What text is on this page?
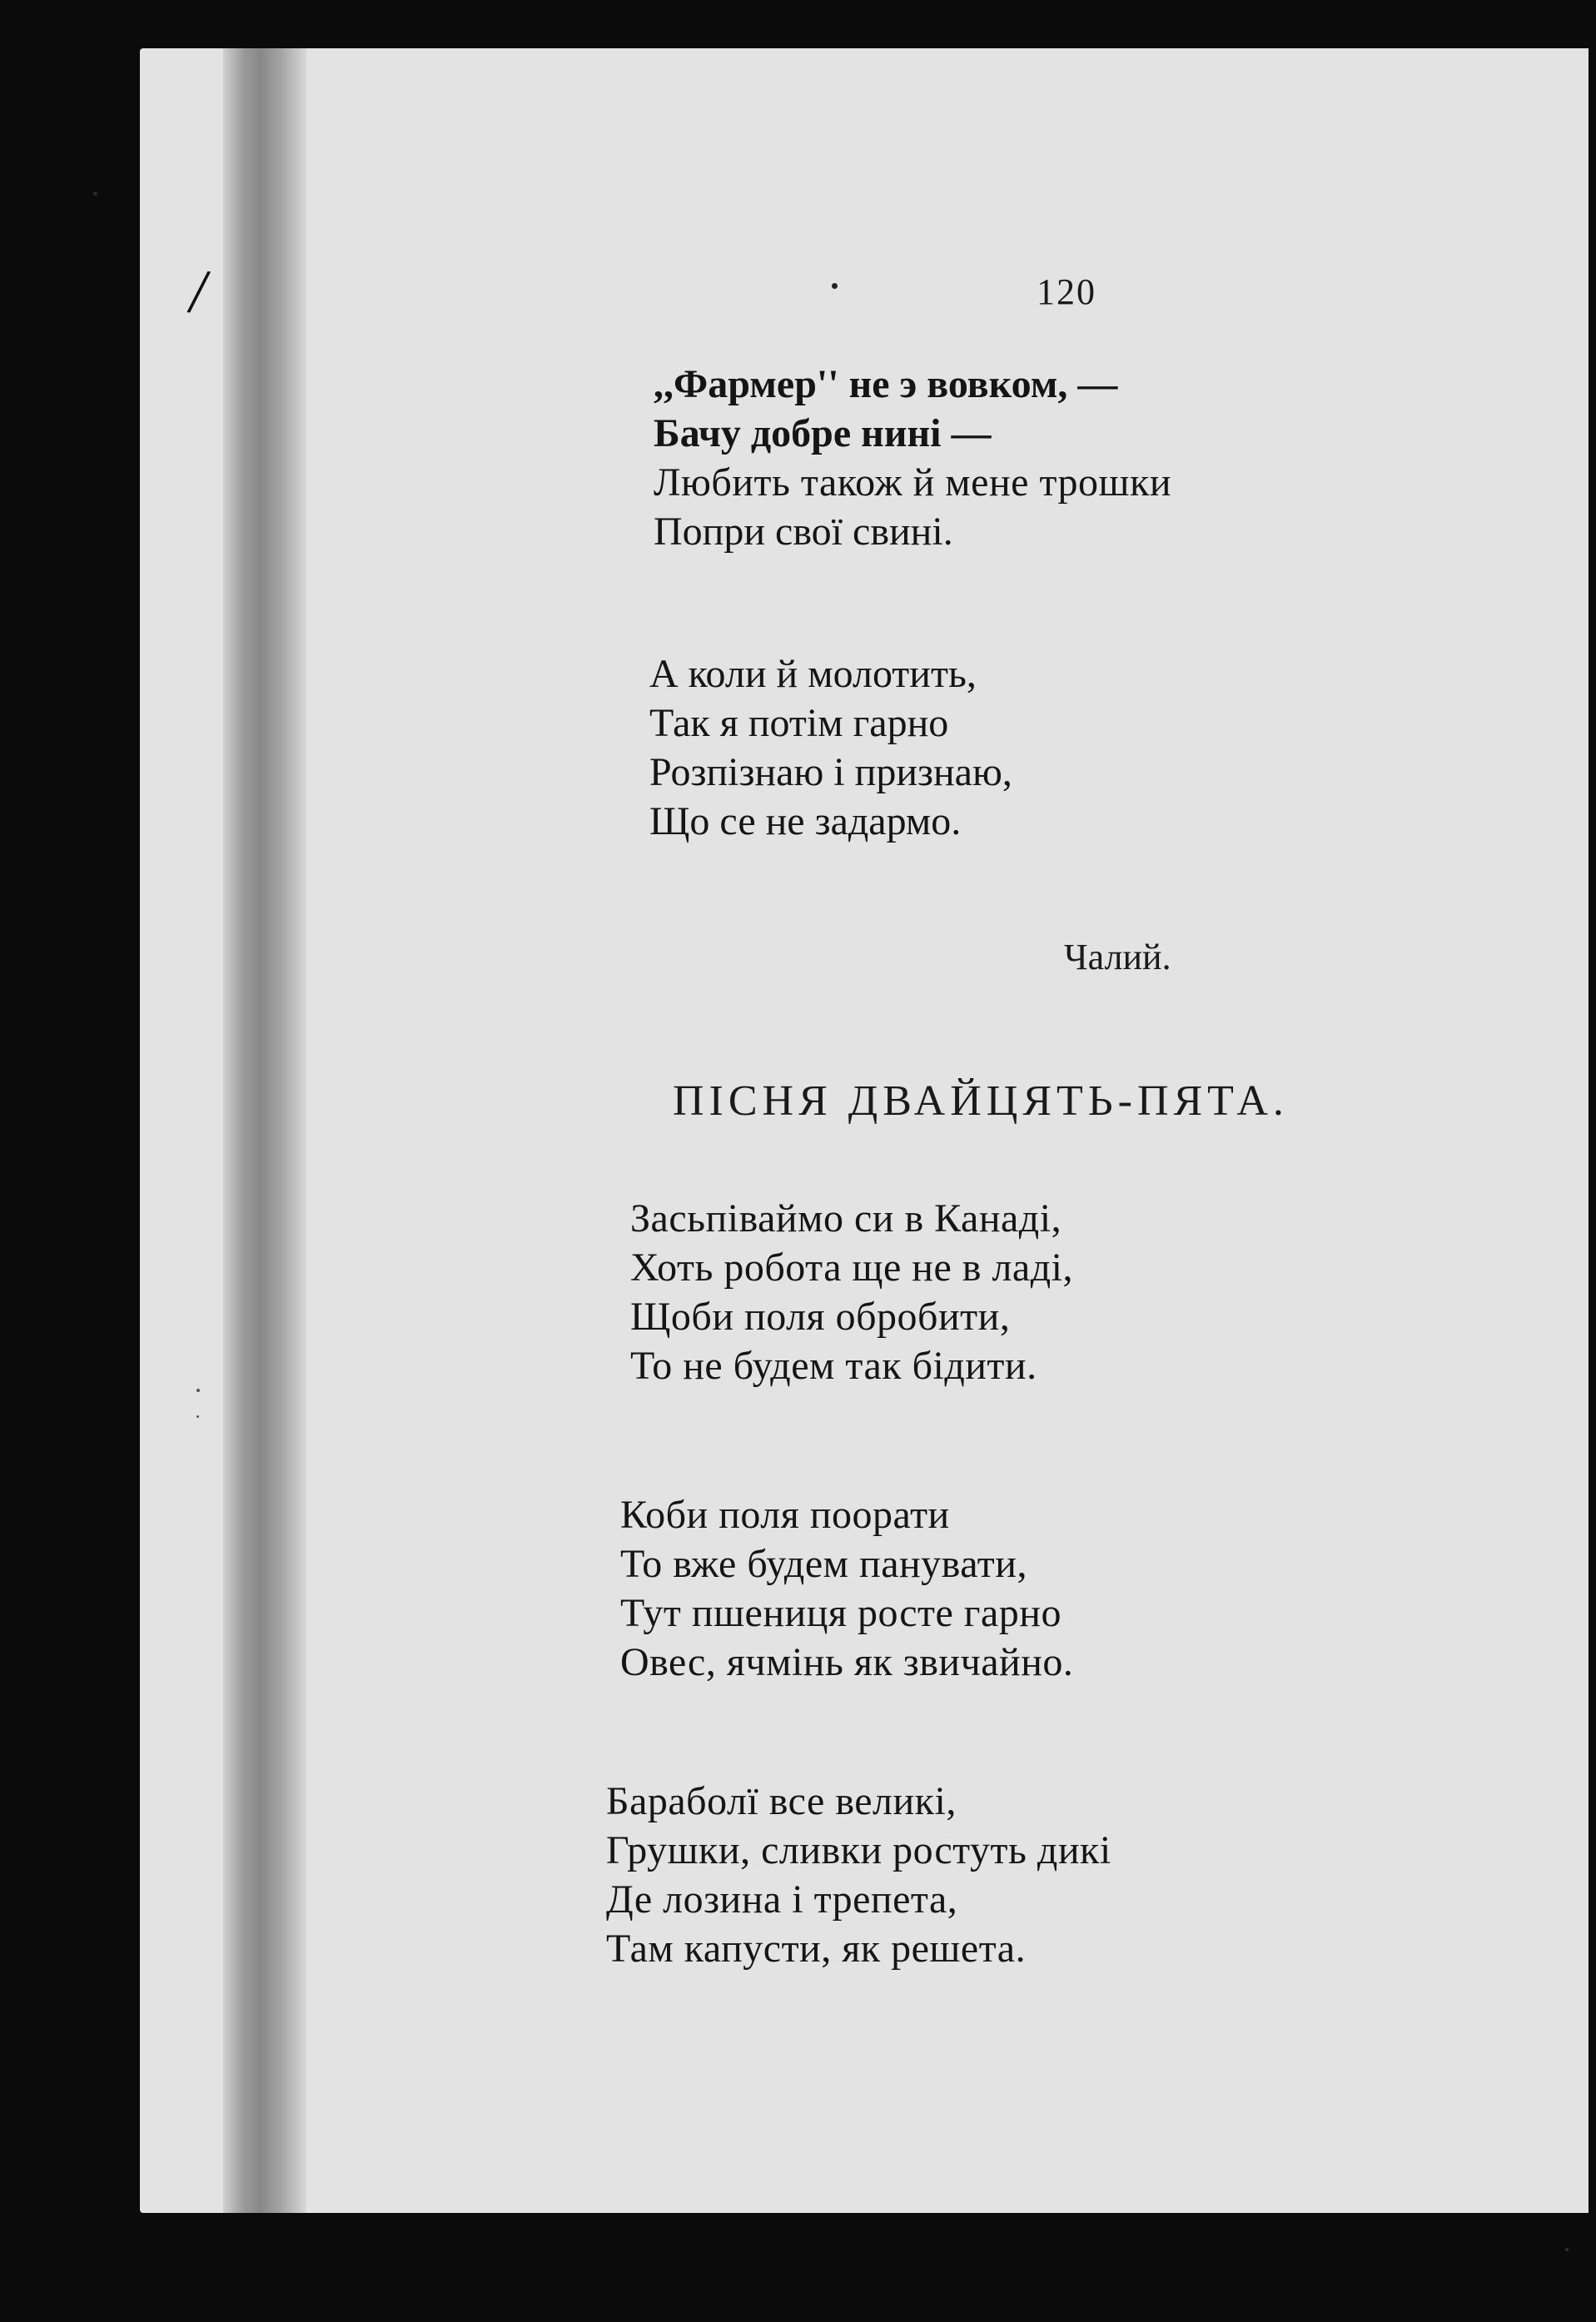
/	120
,,Фармер'' не э вовком, —
Бачу добре нині —
Любить також й мене трошки
Попри свої свині.
А коли й молотить,
Так я потім гарно
Розпізнаю і признаю,
Що се не задармо.
Чалий.
ПІСНЯ ДВАЙЦЯТЬ-ПЯТА.
Засьпіваймо си в Канаді,
Хоть робота ще не в ладі,
Щоби поля обробити,
То не будем так бідити.
Коби поля поорати
То вже будем панувати,
Тут пшениця росте гарно
Овес, ячмінь як звичайно.
Бараболї все великі,
Грушки, сливки ростуть дикі
Де лозина і трепета,
Там капусти, як решета.
